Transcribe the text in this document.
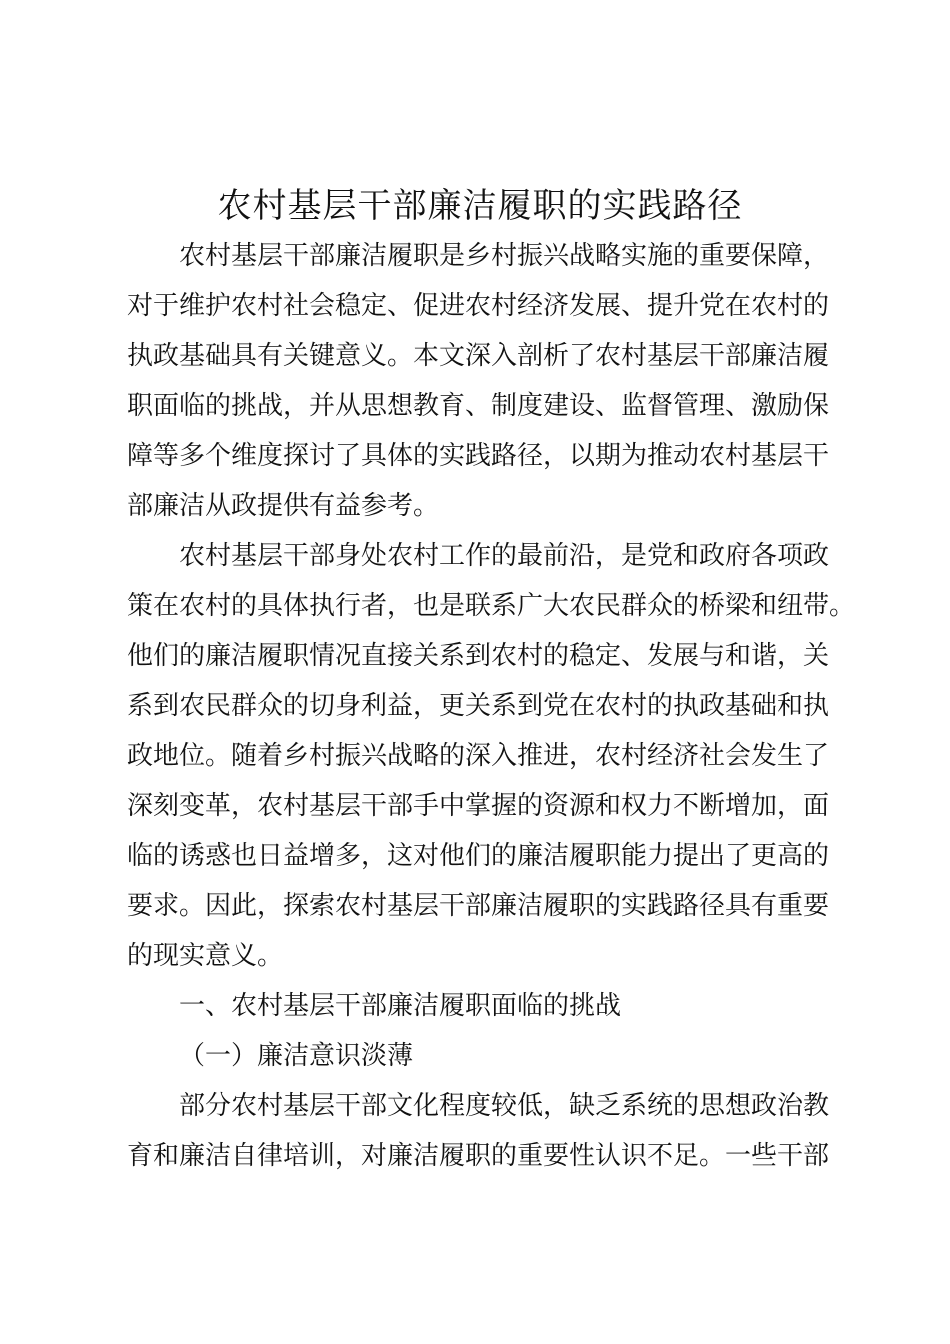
农村基层干部廉洁履职的实践路径

农村基层干部廉洁履职是乡村振兴战略实施的重要保障，

对于维护农村社会稳定、促进农村经济发展、提升党在农村的

执政基础具有关键意义。本文深入剖析了农村基层干部廉洁履

职面临的挑战，并从思想教育、制度建设、监督管理、激励保

障等多个维度探讨了具体的实践路径，以期为推动农村基层干

部廉洁从政提供有益参考。

农村基层干部身处农村工作的最前沿，是党和政府各项政

策在农村的具体执行者，也是联系广大农民群众的桥梁和纽带。

他们的廉洁履职情况直接关系到农村的稳定、发展与和谐，关

系到农民群众的切身利益，更关系到党在农村的执政基础和执

政地位。随着乡村振兴战略的深入推进，农村经济社会发生了

深刻变革，农村基层干部手中掌握的资源和权力不断增加，面

临的诱惑也日益增多，这对他们的廉洁履职能力提出了更高的

要求。因此，探索农村基层干部廉洁履职的实践路径具有重要

的现实意义。

一、农村基层干部廉洁履职面临的挑战

（一）廉洁意识淡薄

部分农村基层干部文化程度较低，缺乏系统的思想政治教

育和廉洁自律培训，对廉洁履职的重要性认识不足。一些干部
